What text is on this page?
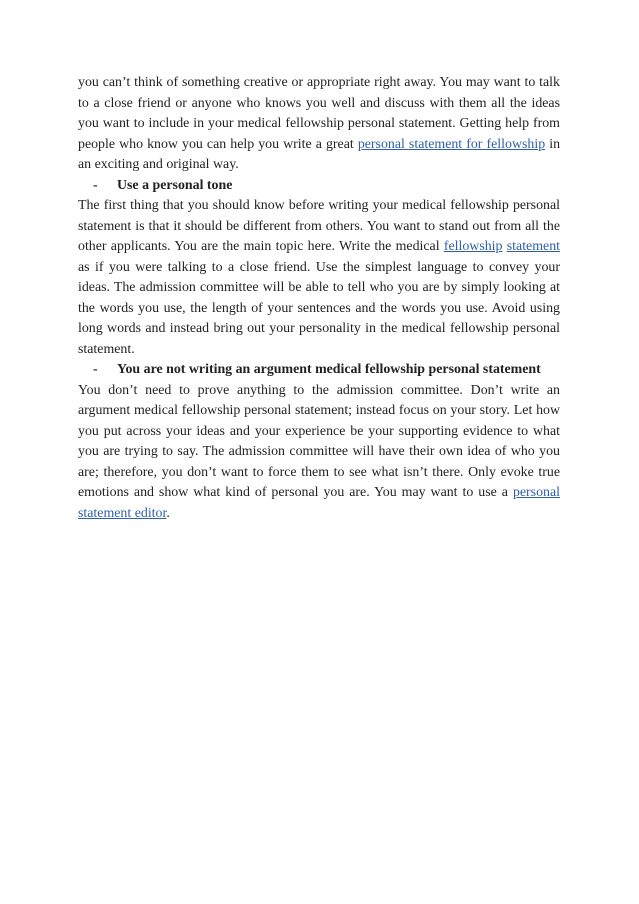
you can’t think of something creative or appropriate right away. You may want to talk to a close friend or anyone who knows you well and discuss with them all the ideas you want to include in your medical fellowship personal statement. Getting help from people who know you can help you write a great personal statement for fellowship in an exciting and original way.

-	Use a personal tone

The first thing that you should know before writing your medical fellowship personal statement is that it should be different from others. You want to stand out from all the other applicants. You are the main topic here. Write the medical fellowship statement as if you were talking to a close friend. Use the simplest language to convey your ideas. The admission committee will be able to tell who you are by simply looking at the words you use, the length of your sentences and the words you use. Avoid using long words and instead bring out your personality in the medical fellowship personal statement.

-	You are not writing an argument medical fellowship personal statement

You don’t need to prove anything to the admission committee. Don’t write an argument medical fellowship personal statement; instead focus on your story. Let how you put across your ideas and your experience be your supporting evidence to what you are trying to say. The admission committee will have their own idea of who you are; therefore, you don’t want to force them to see what isn’t there. Only evoke true emotions and show what kind of personal you are. You may want to use a personal statement editor.
